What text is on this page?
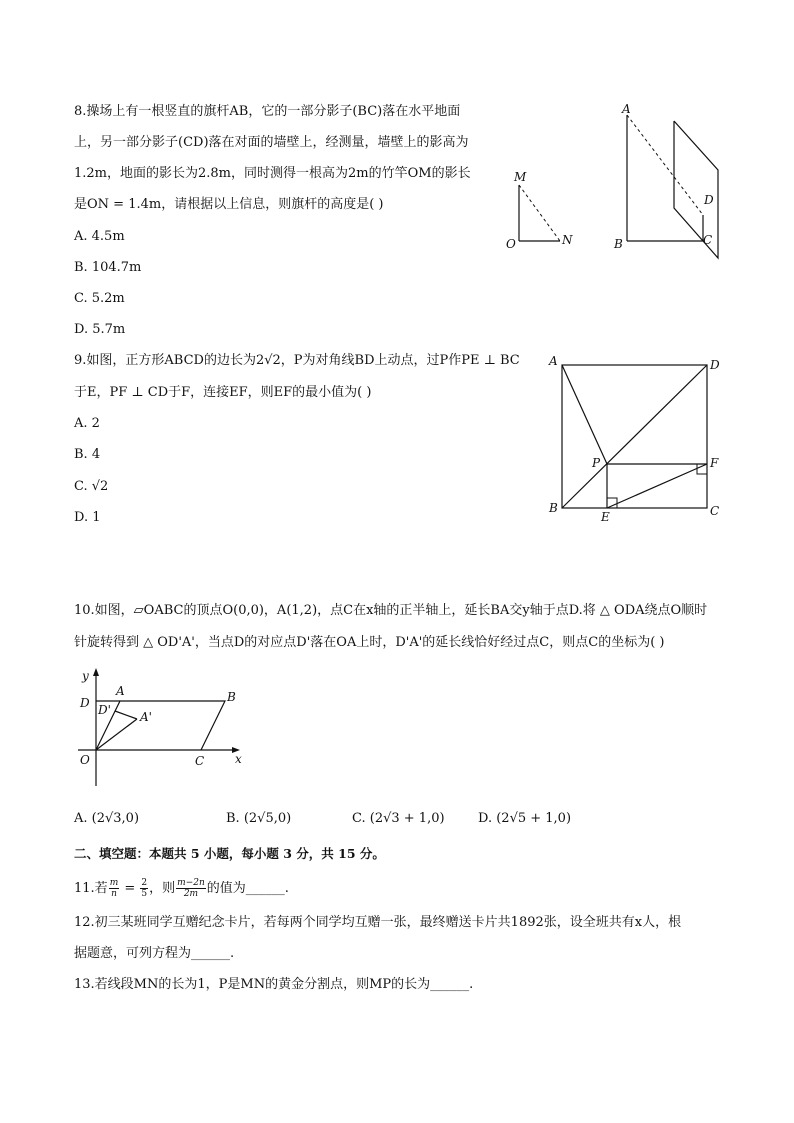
8.操场上有一根竖直的旗杆AB，它的一部分影子(BC)落在水平地面
上，另一部分影子(CD)落在对面的墙壁上，经测量，墙壁上的影高为
1.2m，地面的影长为2.8m，同时测得一根高为2m的竹竿OM的影长
是ON = 1.4m，请根据以上信息，则旗杆的高度是( )
A. 4.5m
B. 104.7m
C. 5.2m
D. 5.7m
M
O	N
A
B	C
D
9.如图，正方形ABCD的边长为2√2，P为对角线BD上动点，过P作PE ⊥ BC
于E，PF ⊥ CD于F，连接EF，则EF的最小值为( )
A. 2
B. 4
C. √2
D. 1
A	D
P	F
B
E	C
10.如图，▱OABC的顶点O(0,0)，A(1,2)，点C在x轴的正半轴上，延长BA交y轴于点D.将 △ ODA绕点O顺时
针旋转得到 △ OD'A'，当点D的对应点D'落在OA上时，D'A'的延长线恰好经过点C，则点C的坐标为( )
y
D
A	B
D' A'
O	C	x
A. (2√3,0)	B. (2√5,0)	C. (2√3 + 1,0)	D. (2√5 + 1,0)
二、填空题：本题共 5 小题，每小题 3 分，共 15 分。
11.若 $\frac{m}{n} = \frac{2}{5}$ ，则 $\frac{m-2n}{2m}$ 的值为______.
12.初三某班同学互赠纪念卡片，若每两个同学均互赠一张，最终赠送卡片共1892张，设全班共有x人，根
据题意，可列方程为______.
13.若线段MN的长为1，P是MN的黄金分割点，则MP的长为______.
